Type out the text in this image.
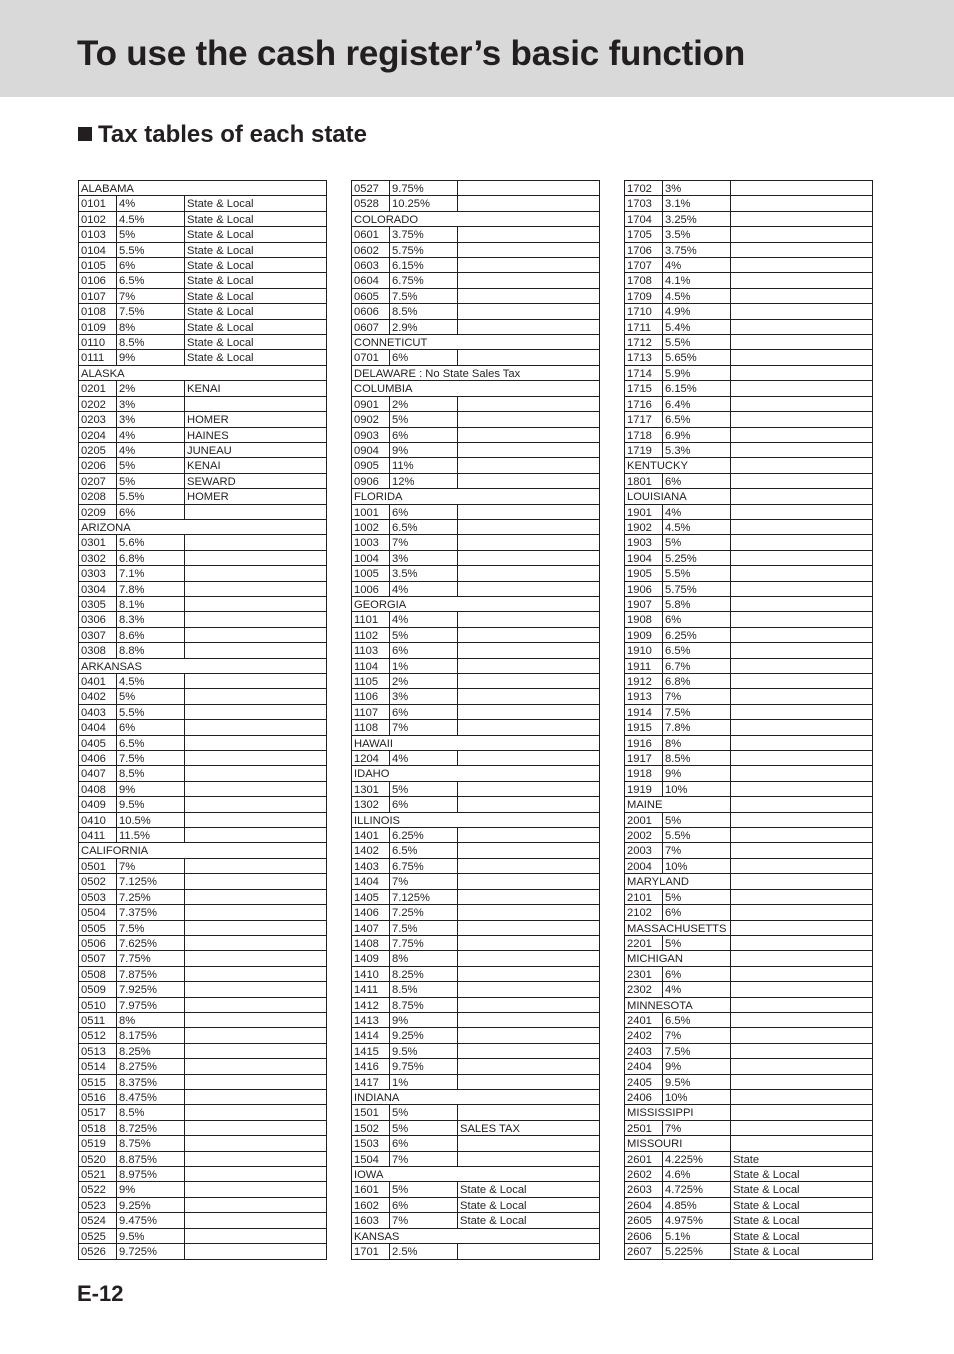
To use the cash register’s basic function
Tax tables of each state
ALABAMA
0101	4%	State & Local
0102	4.5%	State & Local
0103	5%	State & Local
0104	5.5%	State & Local
0105	6%	State & Local
0106	6.5%	State & Local
0107	7%	State & Local
0108	7.5%	State & Local
0109	8%	State & Local
0110	8.5%	State & Local
0111	9%	State & Local
ALASKA
0201	2%	KENAI
0202	3%
0203	3%	HOMER
0204	4%	HAINES
0205	4%	JUNEAU
0206	5%	KENAI
0207	5%	SEWARD
0208	5.5%	HOMER
0209	6%
ARIZONA
0301	5.6%
0302	6.8%
0303	7.1%
0304	7.8%
0305	8.1%
0306	8.3%
0307	8.6%
0308	8.8%
ARKANSAS
0401	4.5%
0402	5%
0403	5.5%
0404	6%
0405	6.5%
0406	7.5%
0407	8.5%
0408	9%
0409	9.5%
0410	10.5%
0411	11.5%
CALIFORNIA
0501	7%
0502	7.125%
0503	7.25%
0504	7.375%
0505	7.5%
0506	7.625%
0507	7.75%
0508	7.875%
0509	7.925%
0510	7.975%
0511	8%
0512	8.175%
0513	8.25%
0514	8.275%
0515	8.375%
0516	8.475%
0517	8.5%
0518	8.725%
0519	8.75%
0520	8.875%
0521	8.975%
0522	9%
0523	9.25%
0524	9.475%
0525	9.5%
0526	9.725%
0527	9.75%
0528	10.25%
COLORADO
0601	3.75%
0602	5.75%
0603	6.15%
0604	6.75%
0605	7.5%
0606	8.5%
0607	2.9%
CONNETICUT
0701	6%
DELAWARE : No State Sales Tax
COLUMBIA
0901	2%
0902	5%
0903	6%
0904	9%
0905	11%
0906	12%
FLORIDA
1001	6%
1002	6.5%
1003	7%
1004	3%
1005	3.5%
1006	4%
GEORGIA
1101	4%
1102	5%
1103	6%
1104	1%
1105	2%
1106	3%
1107	6%
1108	7%
HAWAII
1204	4%
IDAHO
1301	5%
1302	6%
ILLINOIS
1401	6.25%
1402	6.5%
1403	6.75%
1404	7%
1405	7.125%
1406	7.25%
1407	7.5%
1408	7.75%
1409	8%
1410	8.25%
1411	8.5%
1412	8.75%
1413	9%
1414	9.25%
1415	9.5%
1416	9.75%
1417	1%
INDIANA
1501	5%
1502	5%	SALES TAX
1503	6%
1504	7%
IOWA
1601	5%	State & Local
1602	6%	State & Local
1603	7%	State & Local
KANSAS
1701	2.5%
1702	3%
1703	3.1%
1704	3.25%
1705	3.5%
1706	3.75%
1707	4%
1708	4.1%
1709	4.5%
1710	4.9%
1711	5.4%
1712	5.5%
1713	5.65%
1714	5.9%
1715	6.15%
1716	6.4%
1717	6.5%
1718	6.9%
1719	5.3%
KENTUCKY
1801	6%
LOUISIANA
1901	4%
1902	4.5%
1903	5%
1904	5.25%
1905	5.5%
1906	5.75%
1907	5.8%
1908	6%
1909	6.25%
1910	6.5%
1911	6.7%
1912	6.8%
1913	7%
1914	7.5%
1915	7.8%
1916	8%
1917	8.5%
1918	9%
1919	10%
MAINE
2001	5%
2002	5.5%
2003	7%
2004	10%
MARYLAND
2101	5%
2102	6%
MASSACHUSETTS
2201	5%
MICHIGAN
2301	6%
2302	4%
MINNESOTA
2401	6.5%
2402	7%
2403	7.5%
2404	9%
2405	9.5%
2406	10%
MISSISSIPPI
2501	7%
MISSOURI
2601	4.225%	State
2602	4.6%	State & Local
2603	4.725%	State & Local
2604	4.85%	State & Local
2605	4.975%	State & Local
2606	5.1%	State & Local
2607	5.225%	State & Local
E-12
